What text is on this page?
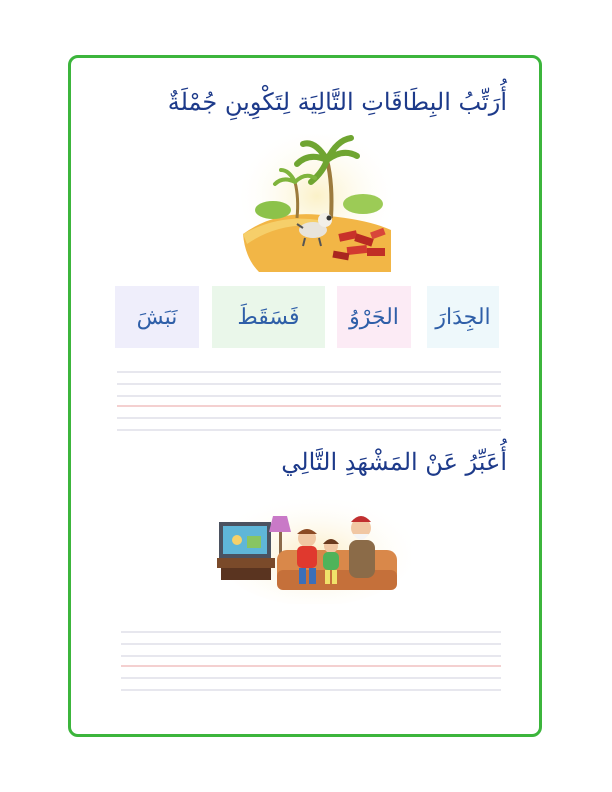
أُرَتِّبُ البِطَاقَاتِ التَّالِيَة لِتَكْوِينِ جُمْلَةٌ
الجِدَارَ
الجَرْوُ
فَسَقَطَ
نَبَشَ
أُعَبِّرُ عَنْ المَشْهَدِ التَّالِي
